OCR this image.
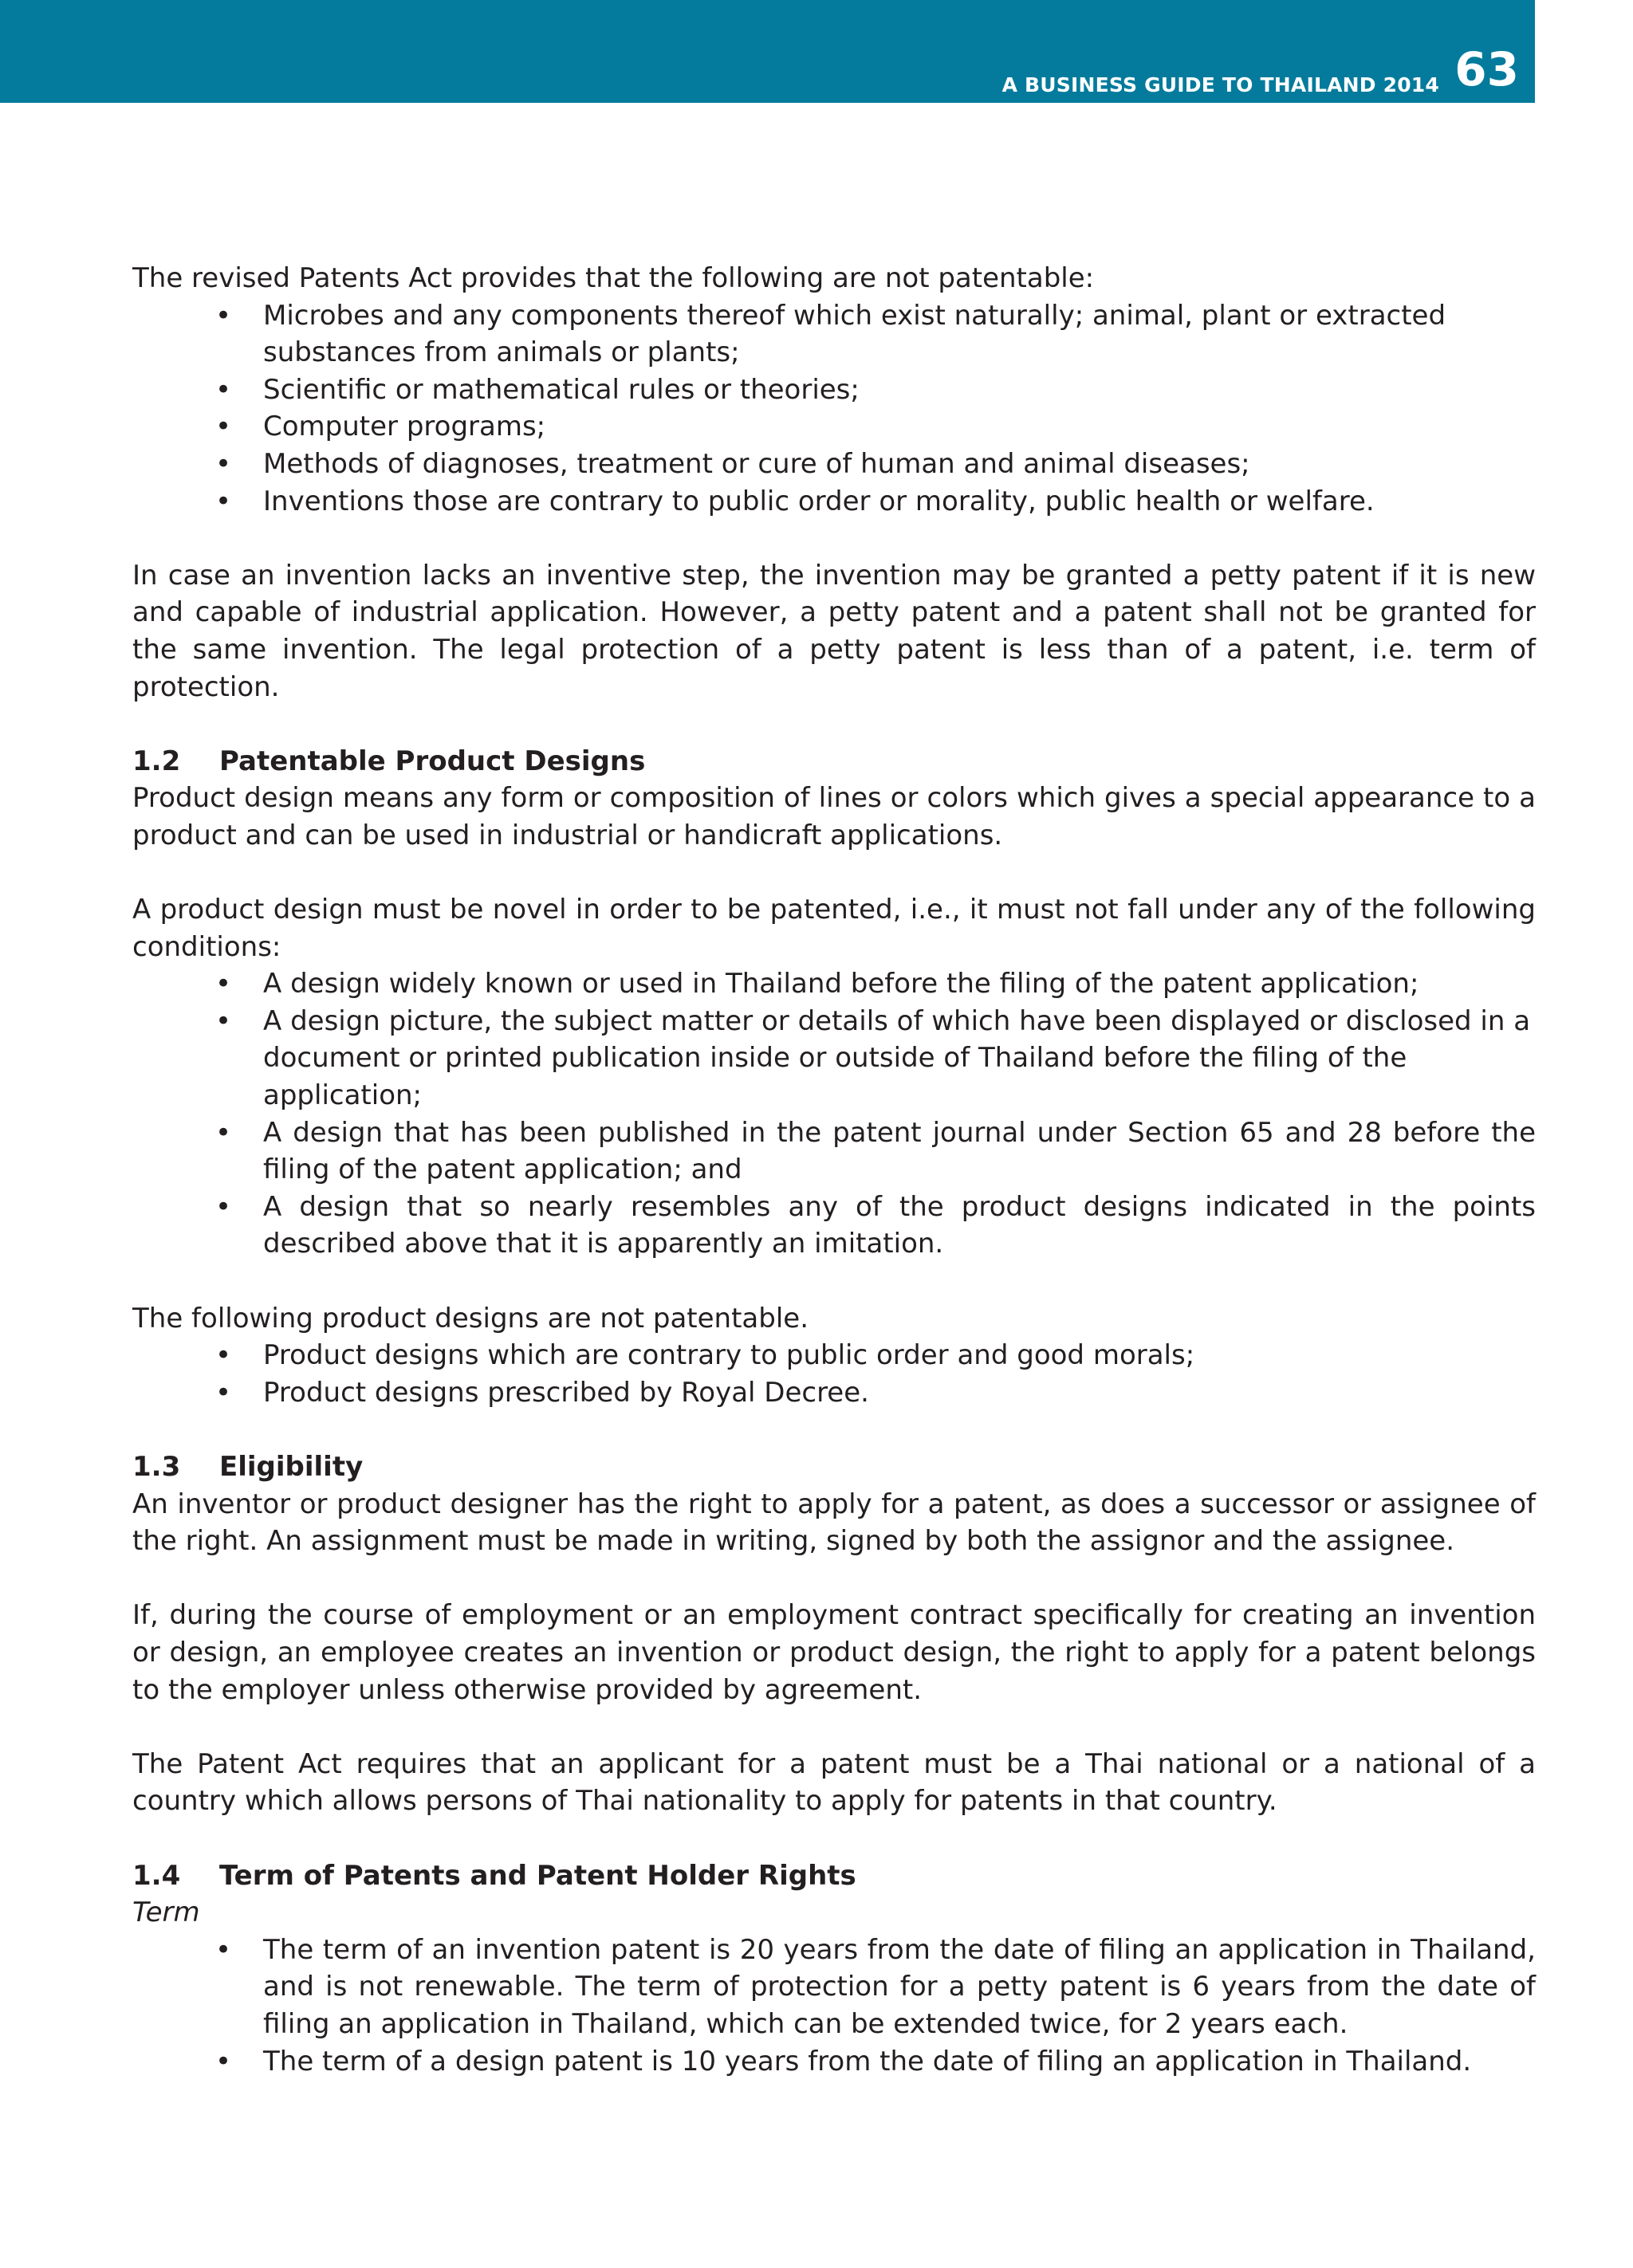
A BUSINESS GUIDE TO THAILAND 2014 63

The revised Patents Act provides that the following are not patentable:

• Microbes and any components thereof which exist naturally; animal, plant or extracted substances from animals or plants;
• Scientific or mathematical rules or theories;
• Computer programs;
• Methods of diagnoses, treatment or cure of human and animal diseases;
• Inventions those are contrary to public order or morality, public health or welfare.

In case an invention lacks an inventive step, the invention may be granted a petty patent if it is new and capable of industrial application. However, a petty patent and a patent shall not be granted for the same invention. The legal protection of a petty patent is less than of a patent, i.e. term of protection.

1.2	Patentable Product Designs

Product design means any form or composition of lines or colors which gives a special appearance to a product and can be used in industrial or handicraft applications.

A product design must be novel in order to be patented, i.e., it must not fall under any of the following conditions:

• A design widely known or used in Thailand before the filing of the patent application;
• A design picture, the subject matter or details of which have been displayed or disclosed in a document or printed publication inside or outside of Thailand before the filing of the application;
• A design that has been published in the patent journal under Section 65 and 28 before the filing of the patent application; and
• A design that so nearly resembles any of the product designs indicated in the points described above that it is apparently an imitation.

The following product designs are not patentable.

• Product designs which are contrary to public order and good morals;
• Product designs prescribed by Royal Decree.
1.3	Eligibility

An inventor or product designer has the right to apply for a patent, as does a successor or assignee of the right. An assignment must be made in writing, signed by both the assignor and the assignee.

If, during the course of employment or an employment contract specifically for creating an invention or design, an employee creates an invention or product design, the right to apply for a patent belongs to the employer unless otherwise provided by agreement.

The Patent Act requires that an applicant for a patent must be a Thai national or a national of a country which allows persons of Thai nationality to apply for patents in that country.

1.4	Term of Patents and Patent Holder Rights

Term

• The term of an invention patent is 20 years from the date of filing an application in Thailand, and is not renewable. The term of protection for a petty patent is 6 years from the date of filing an application in Thailand, which can be extended twice, for 2 years each.
• The term of a design patent is 10 years from the date of filing an application in Thailand.
